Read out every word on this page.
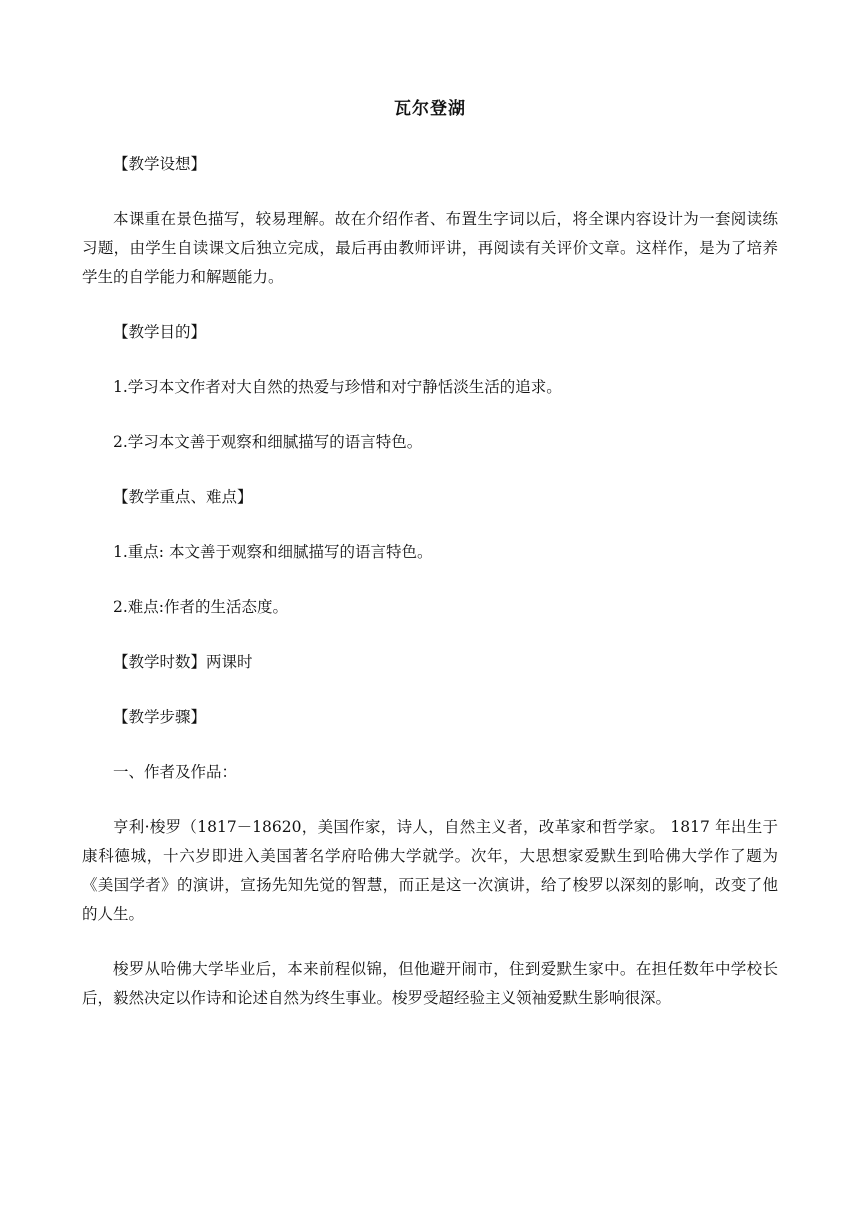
瓦尔登湖

【教学设想】

本课重在景色描写，较易理解。故在介绍作者、布置生字词以后，将全课内容设计为一套阅读练习题，由学生自读课文后独立完成，最后再由教师评讲，再阅读有关评价文章。这样作，是为了培养学生的自学能力和解题能力。

【教学目的】

1.学习本文作者对大自然的热爱与珍惜和对宁静恬淡生活的追求。

2.学习本文善于观察和细腻描写的语言特色。

【教学重点、难点】

1.重点: 本文善于观察和细腻描写的语言特色。

2.难点:作者的生活态度。

【教学时数】两课时

【教学步骤】

一、作者及作品：

亨利·梭罗（1817－18620，美国作家，诗人，自然主义者，改革家和哲学家。 1817 年出生于康科德城，十六岁即进入美国著名学府哈佛大学就学。次年，大思想家爱默生到哈佛大学作了题为《美国学者》的演讲，宣扬先知先觉的智慧，而正是这一次演讲，给了梭罗以深刻的影响，改变了他的人生。

梭罗从哈佛大学毕业后，本来前程似锦，但他避开闹市，住到爱默生家中。在担任数年中学校长后，毅然决定以作诗和论述自然为终生事业。梭罗受超经验主义领袖爱默生影响很深。
